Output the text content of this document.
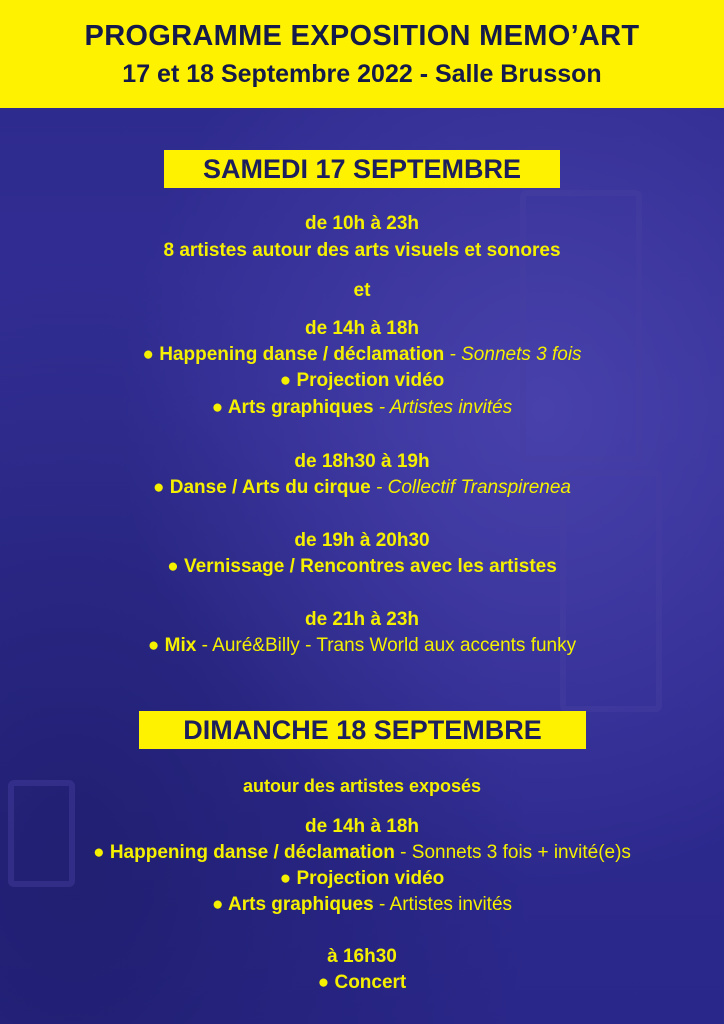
PROGRAMME EXPOSITION MEMO’ART
17 et 18 Septembre 2022 - Salle Brusson
SAMEDI 17 SEPTEMBRE
de 10h à 23h
8 artistes autour des arts visuels et sonores
et
de 14h à 18h
● Happening danse / déclamation - Sonnets 3 fois
● Projection vidéo
● Arts graphiques - Artistes invités
de 18h30 à 19h
● Danse / Arts du cirque - Collectif Transpirenea
de 19h à 20h30
● Vernissage / Rencontres avec les artistes
de 21h à 23h
● Mix - Auré&Billy - Trans World aux accents funky
DIMANCHE 18 SEPTEMBRE
autour des artistes exposés
de 14h à 18h
● Happening danse / déclamation - Sonnets 3 fois + invité(e)s
● Projection vidéo
● Arts graphiques - Artistes invités
à 16h30
● Concert
